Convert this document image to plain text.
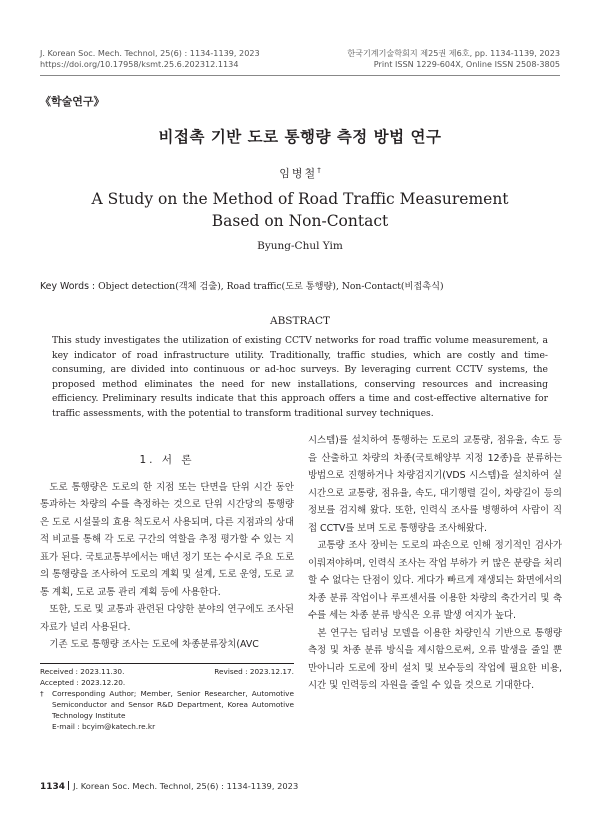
J. Korean Soc. Mech. Technol, 25(6) : 1134-1139, 2023
https://doi.org/10.17958/ksmt.25.6.202312.1134
한국기계기술학회지 제25권 제6호, pp. 1134-1139, 2023
Print ISSN 1229-604X, Online ISSN 2508-3805
《학술연구》
비접촉 기반 도로 통행량 측정 방법 연구
임병철†
A Study on the Method of Road Traffic Measurement
Based on Non-Contact
Byung-Chul Yim
Key Words : Object detection(객체 검출), Road traffic(도로 통행량), Non-Contact(비접촉식)
ABSTRACT
This study investigates the utilization of existing CCTV networks for road traffic volume measurement, a key indicator of road infrastructure utility. Traditionally, traffic studies, which are costly and time-consuming, are divided into continuous or ad-hoc surveys. By leveraging current CCTV systems, the proposed method eliminates the need for new installations, conserving resources and increasing efficiency. Preliminary results indicate that this approach offers a time and cost-effective alternative for traffic assessments, with the potential to transform traditional survey techniques.
1. 서 론

도로 통행량은 도로의 한 지점 또는 단면을 단위 시간 동안 통과하는 차량의 수를 측정하는 것으로 단위 시간당의 통행량은 도로 시설물의 효용 척도로서 사용되며, 다른 지점과의 상대적 비교를 통해 각 도로 구간의 역할을 추정 평가할 수 있는 지표가 된다. 국토교통부에서는 매년 정기 또는 수시로 주요 도로의 통행량을 조사하여 도로의 계획 및 설계, 도로 운영, 도로 교통 계획, 도로 교통 관리 계획 등에 사용한다.

또한, 도로 및 교통과 관련된 다양한 분야의 연구에도 조사된 자료가 널리 사용된다.

기존 도로 통행량 조사는 도로에 차종분류장치(AVC

시스템)를 설치하여 통행하는 도로의 교통량, 점유율, 속도 등을 산출하고 차량의 차종(국토해양부 지정 12종)을 분류하는 방법으로 진행하거나 차량검지기(VDS 시스템)을 설치하여 실시간으로 교통량, 점유율, 속도, 대기행렬 길이, 차량길이 등의 정보를 검지해 왔다. 또한, 인력식 조사를 병행하여 사람이 직접 CCTV를 보며 도로 통행량을 조사해왔다.

교통량 조사 장비는 도로의 파손으로 인해 정기적인 검사가 이뤄져야하며, 인력식 조사는 작업 부하가 커 많은 분량을 처리할 수 없다는 단점이 있다. 게다가 빠르게 재생되는 화면에서의 차종 분류 작업이나 루프센서를 이용한 차량의 축간거리 및 축수를 세는 차종 분류 방식은 오류 발생 여지가 높다.

본 연구는 딥러닝 모델을 이용한 차량인식 기반으로 통행량 측정 및 차종 분류 방식을 제시함으로써, 오류 발생을 줄일 뿐만아니라 도로에 장비 설치 및 보수등의 작업에 필요한 비용, 시간 및 인력등의 자원을 줄일 수 있을 것으로 기대한다.

Received : 2023.11.30.	Revised : 2023.12.17.
Accepted : 2023.12.20.
†	Corresponding Author; Member, Senior Researcher, Automotive Semiconductor and Sensor R&D Department, Korea Automotive Technology Institute
E-mail : bcyim@katech.re.kr
1134 J. Korean Soc. Mech. Technol, 25(6) : 1134-1139, 2023
